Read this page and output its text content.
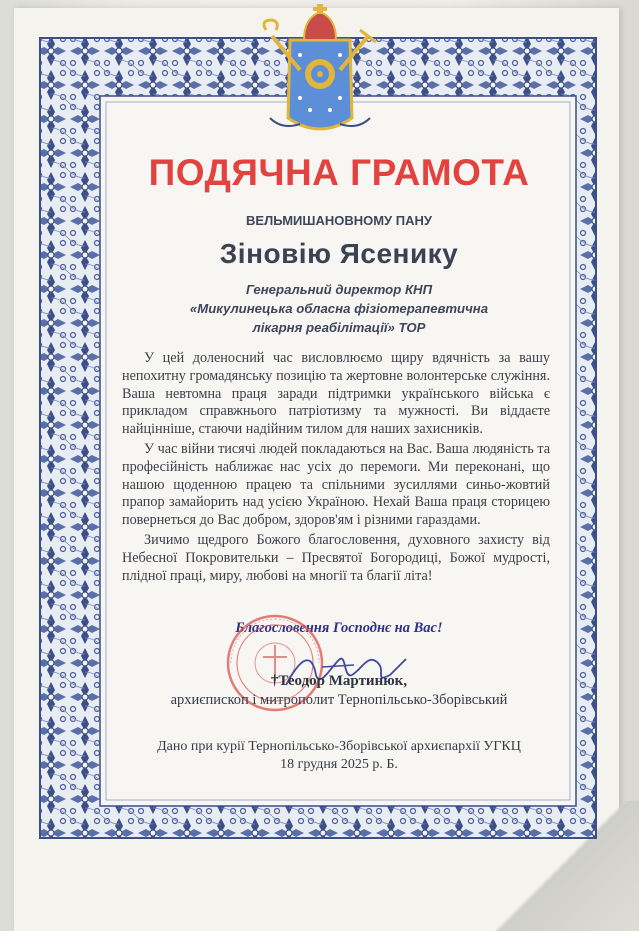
ПОДЯЧНА ГРАМОТА
ВЕЛЬМИШАНОВНОМУ ПАНУ
Зіновію Ясенику
Генеральний директор КНП
«Микулинецька обласна фізіотерапевтична
лікарня реабілітації» ТОР

У цей доленосний час висловлюємо щиру вдячність за вашу непохитну громадянську позицію та жертовне волонтерське служіння. Ваша невтомна праця заради підтримки українського війська є прикладом справжнього патріотизму та мужності. Ви віддаєте найцінніше, стаючи надійним тилом для наших захисників.

У час війни тисячі людей покладаються на Вас. Ваша людяність та професійність наближає нас усіх до перемоги. Ми переконані, що нашою щоденною працею та спільними зусиллями синьо-жовтий прапор замайорить над усією Україною. Нехай Ваша праця сторицею повернеться до Вас добром, здоров'ям і різними гараздами.

Зичимо щедрого Божого благословення, духовного захисту від Небесної Покровительки – Пресвятої Богородиці, Божої мудрості, плідної праці, миру, любові на многії та благії літа!

Благословення Господнє на Вас!
†Теодор Мартинюк,
архиєпископ і митрополит Тернопільсько-Зборівський
Дано при курії Тернопільсько-Зборівської архиєпархії УГКЦ
18 грудня 2025 р. Б.
